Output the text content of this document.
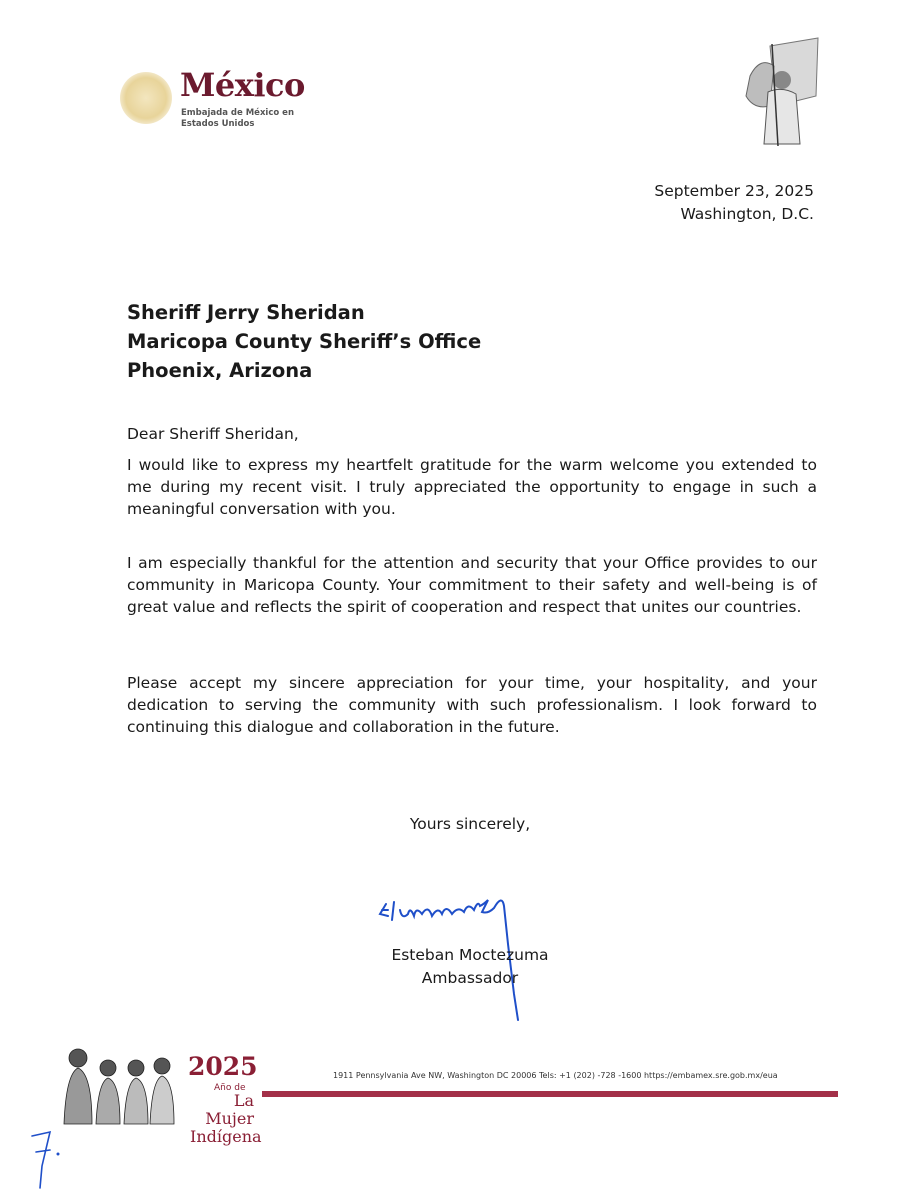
México
Embajada de México en
Estados Unidos
September 23, 2025
Washington, D.C.
Sheriff Jerry Sheridan
Maricopa County Sheriff’s Office
Phoenix, Arizona
Dear Sheriff Sheridan,
I would like to express my heartfelt gratitude for the warm welcome you extended to me during my recent visit. I truly appreciated the opportunity to engage in such a meaningful conversation with you.
I am especially thankful for the attention and security that your Office provides to our community in Maricopa County. Your commitment to their safety and well-being is of great value and reflects the spirit of cooperation and respect that unites our countries.
Please accept my sincere appreciation for your time, your hospitality, and your dedication to serving the community with such professionalism. I look forward to continuing this dialogue and collaboration in the future.
Yours sincerely,
Esteban Moctezuma
Ambassador
2025
Año de
La Mujer
Indígena
1911 Pennsylvania Ave NW, Washington DC 20006 Tels: +1 (202) -728 -1600 https://embamex.sre.gob.mx/eua
